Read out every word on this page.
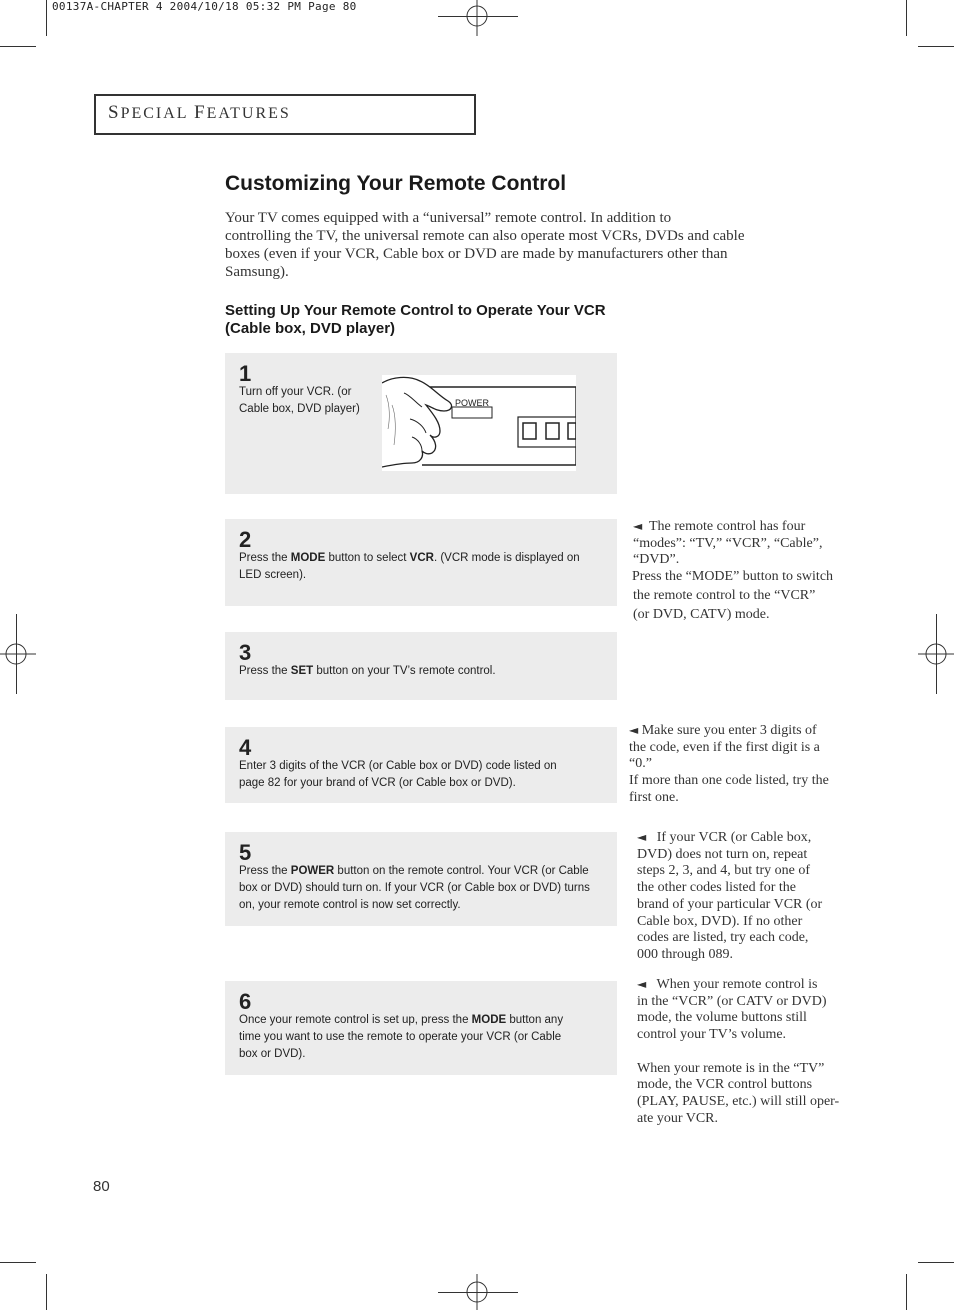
00137A-CHAPTER 4 2004/10/18 05:32 PM Page 80
SPECIAL FEATURES
Customizing Your Remote Control
Your TV comes equipped with a “universal” remote control. In addition to
controlling the TV, the universal remote can also operate most VCRs, DVDs and cable
boxes (even if your VCR, Cable box or DVD are made by manufacturers other than
Samsung).
Setting Up Your Remote Control to Operate Your VCR
(Cable box, DVD player)
1
Turn off your VCR. (or
Cable box, DVD player)	POWER
2
Press the MODE button to select VCR. (VCR mode is displayed on
LED screen).
3
Press the SET button on your TV’s remote control.
4
Enter 3 digits of the VCR (or Cable box or DVD) code listed on
page 82 for your brand of VCR (or Cable box or DVD).
5
Press the POWER button on the remote control. Your VCR (or Cable
box or DVD) should turn on. If your VCR (or Cable box or DVD) turns
on, your remote control is now set correctly.
6
Once your remote control is set up, press the MODE button any
time you want to use the remote to operate your VCR (or Cable
box or DVD).
◄ The remote control has four
“modes”: “TV,” “VCR”, “Cable”,
“DVD”.
Press the “MODE” button to switch
the remote control to the “VCR”
(or DVD, CATV) mode.
◄ Make sure you enter 3 digits of
the code, even if the first digit is a
“0.”
If more than one code listed, try the
first one.
◄ If your VCR (or Cable box,
DVD) does not turn on, repeat
steps 2, 3, and 4, but try one of
the other codes listed for the
brand of your particular VCR (or
Cable box, DVD). If no other
codes are listed, try each code,
000 through 089.
◄ When your remote control is
in the “VCR” (or CATV or DVD)
mode, the volume buttons still
control your TV’s volume.
When your remote is in the “TV”
mode, the VCR control buttons
(PLAY, PAUSE, etc.) will still oper-
ate your VCR.
80
